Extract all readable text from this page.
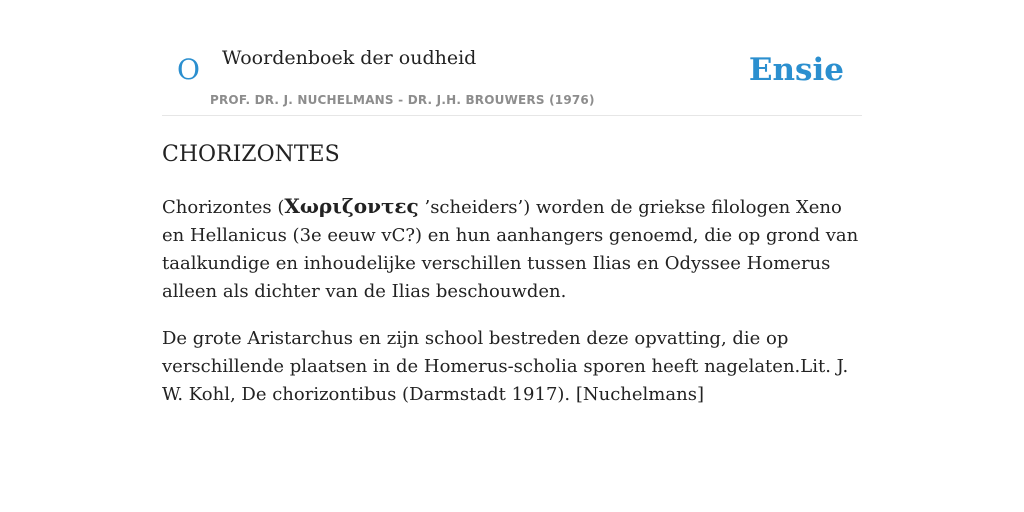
O Woordenboek der oudheid
PROF. DR. J. NUCHELMANS - DR. J.H. BROUWERS (1976)
Ensie
CHORIZONTES

Chorizontes (Χωριζοντες ’scheiders’) worden de griekse filologen Xeno en Hellanicus (3e eeuw vC?) en hun aanhangers genoemd, die op grond van taalkundige en inhoudelijke verschillen tussen Ilias en Odyssee Homerus alleen als dichter van de Ilias beschouwden.

De grote Aristarchus en zijn school bestreden deze opvatting, die op verschillende plaatsen in de Homerus-scholia sporen heeft nagelaten.Lit. J. W. Kohl, De chorizontibus (Darmstadt 1917). [Nuchelmans]
